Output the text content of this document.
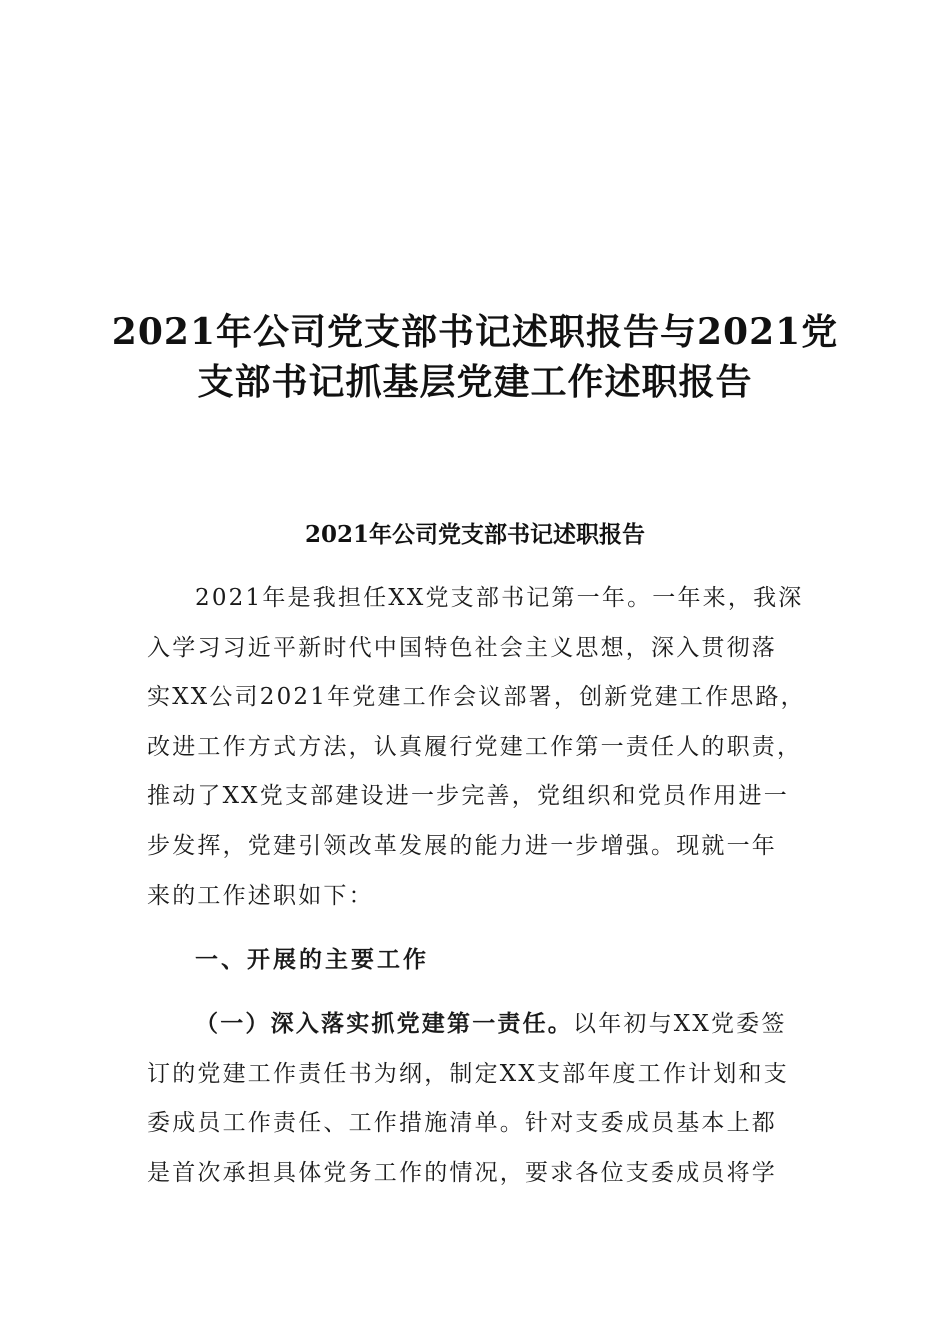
2021年公司党支部书记述职报告与2021党
支部书记抓基层党建工作述职报告
2021年公司党支部书记述职报告
2021年是我担任XX党支部书记第一年。一年来，我深
入学习习近平新时代中国特色社会主义思想，深入贯彻落
实XX公司2021年党建工作会议部署，创新党建工作思路，
改进工作方式方法，认真履行党建工作第一责任人的职责，
推动了XX党支部建设进一步完善，党组织和党员作用进一
步发挥，党建引领改革发展的能力进一步增强。现就一年
来的工作述职如下：
一、开展的主要工作
（一）深入落实抓党建第一责任。以年初与XX党委签
订的党建工作责任书为纲，制定XX支部年度工作计划和支
委成员工作责任、工作措施清单。针对支委成员基本上都
是首次承担具体党务工作的情况，要求各位支委成员将学
